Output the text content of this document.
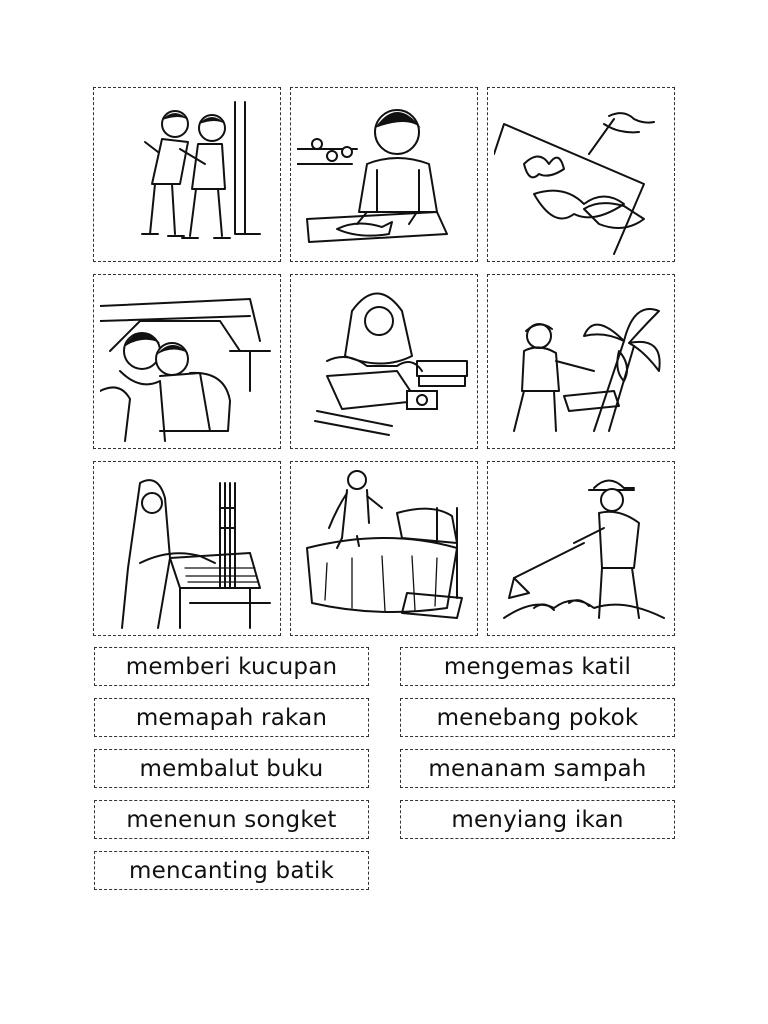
memberi kucupan
memapah rakan
membalut buku
menenun songket
mencanting batik
mengemas katil
menebang pokok
menanam sampah
menyiang ikan
